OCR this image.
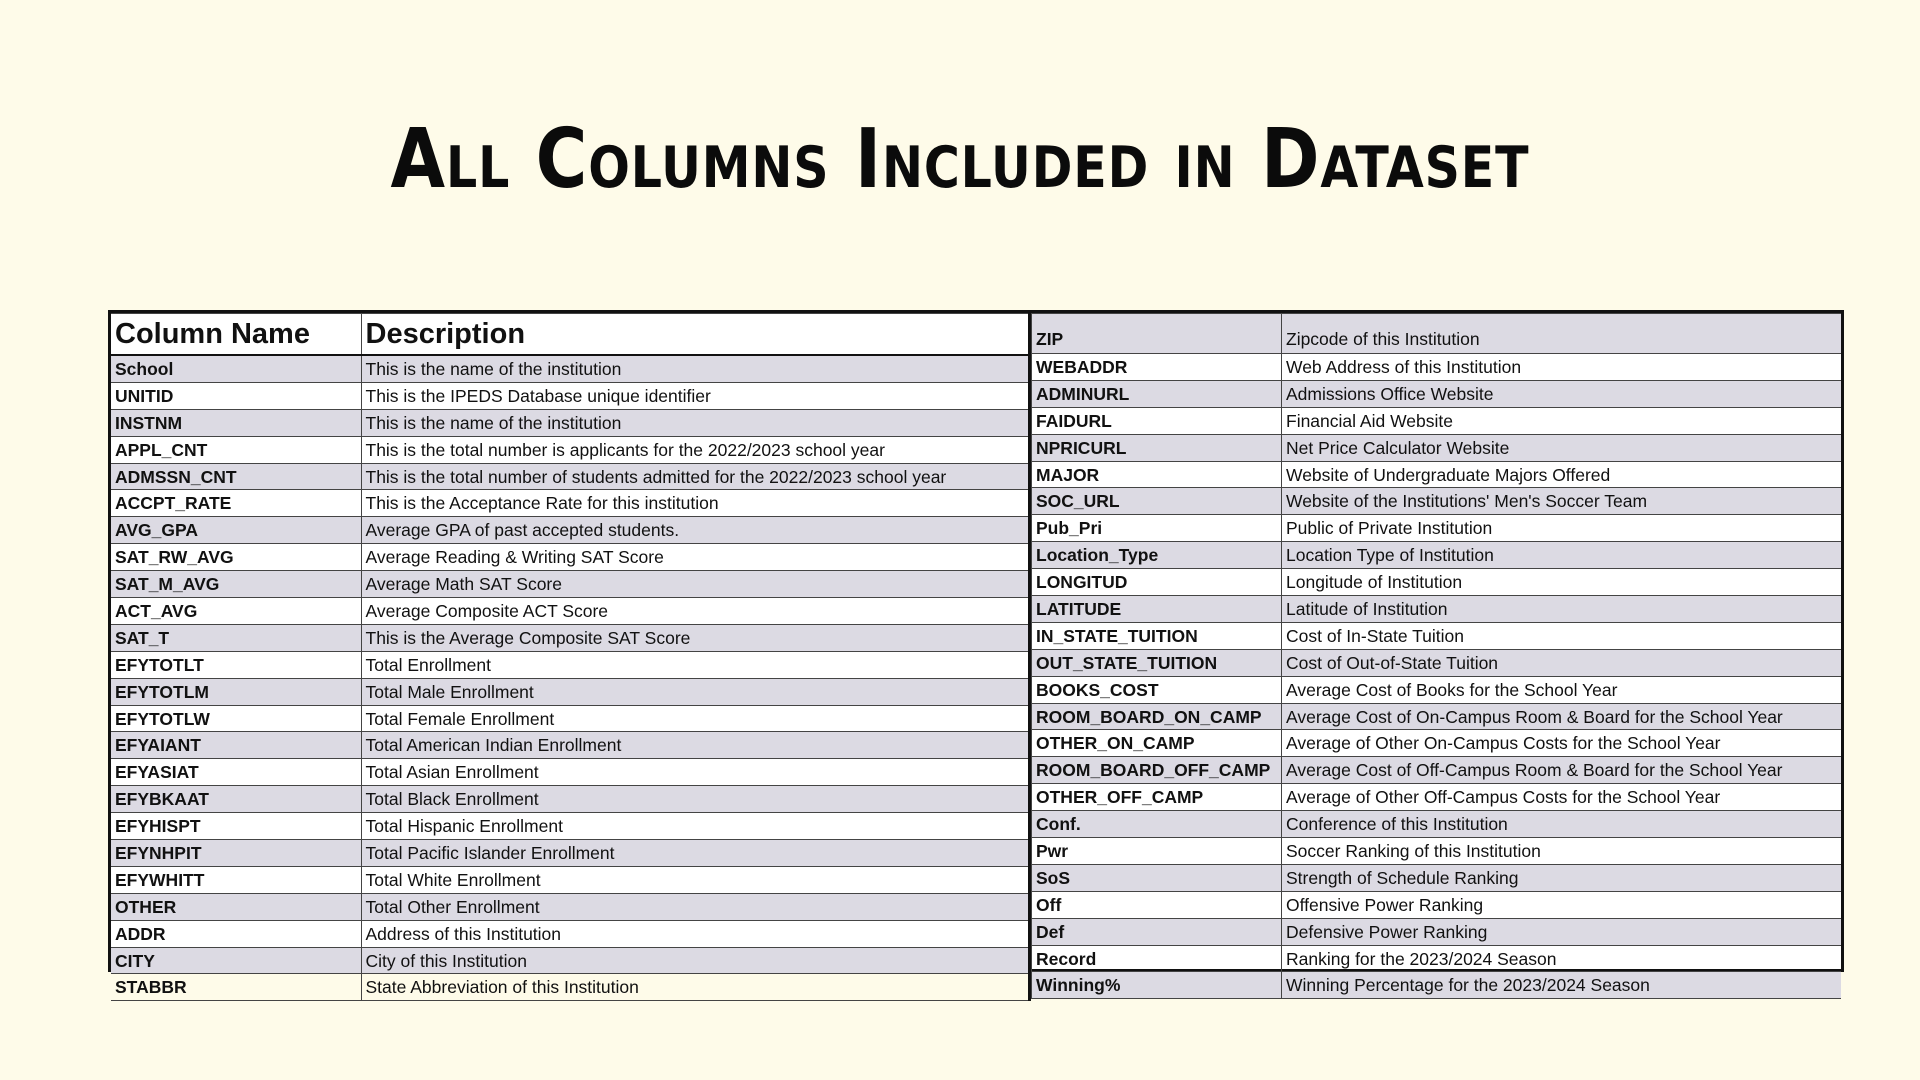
All Columns Included in Dataset
Column Name	Description
School	This is the name of the institution
UNITID	This is the IPEDS Database unique identifier
INSTNM	This is the name of the institution
APPL_CNT	This is the total number is applicants for the 2022/2023 school year
ADMSSN_CNT	This is the total number of students admitted for the 2022/2023 school year
ACCPT_RATE	This is the Acceptance Rate for this institution
AVG_GPA	Average GPA of past accepted students.
SAT_RW_AVG	Average Reading & Writing SAT Score
SAT_M_AVG	Average Math SAT Score
ACT_AVG	Average Composite ACT Score
SAT_T	This is the Average Composite SAT Score
EFYTOTLT	Total Enrollment
EFYTOTLM	Total Male Enrollment
EFYTOTLW	Total Female Enrollment
EFYAIANT	Total American Indian Enrollment
EFYASIAT	Total Asian Enrollment
EFYBKAAT	Total Black Enrollment
EFYHISPT	Total Hispanic Enrollment
EFYNHPIT	Total Pacific Islander Enrollment
EFYWHITT	Total White Enrollment
OTHER	Total Other Enrollment
ADDR	Address of this Institution
CITY	City of this Institution
STABBR	State Abbreviation of this Institution
ZIP	Zipcode of this Institution
WEBADDR	Web Address of this Institution
ADMINURL	Admissions Office Website
FAIDURL	Financial Aid Website
NPRICURL	Net Price Calculator Website
MAJOR	Website of Undergraduate Majors Offered
SOC_URL	Website of the Institutions' Men's Soccer Team
Pub_Pri	Public of Private Institution
Location_Type	Location Type of Institution
LONGITUD	Longitude of Institution
LATITUDE	Latitude of Institution
IN_STATE_TUITION	Cost of In-State Tuition
OUT_STATE_TUITION	Cost of Out-of-State Tuition
BOOKS_COST	Average Cost of Books for the School Year
ROOM_BOARD_ON_CAMP	Average Cost of On-Campus Room & Board for the School Year
OTHER_ON_CAMP	Average of Other On-Campus Costs for the School Year
ROOM_BOARD_OFF_CAMP	Average Cost of Off-Campus Room & Board for the School Year
OTHER_OFF_CAMP	Average of Other Off-Campus Costs for the School Year
Conf.	Conference of this Institution
Pwr	Soccer Ranking of this Institution
SoS	Strength of Schedule Ranking
Off	Offensive Power Ranking
Def	Defensive Power Ranking
Record	Ranking for the 2023/2024 Season
Winning%	Winning Percentage for the 2023/2024 Season
